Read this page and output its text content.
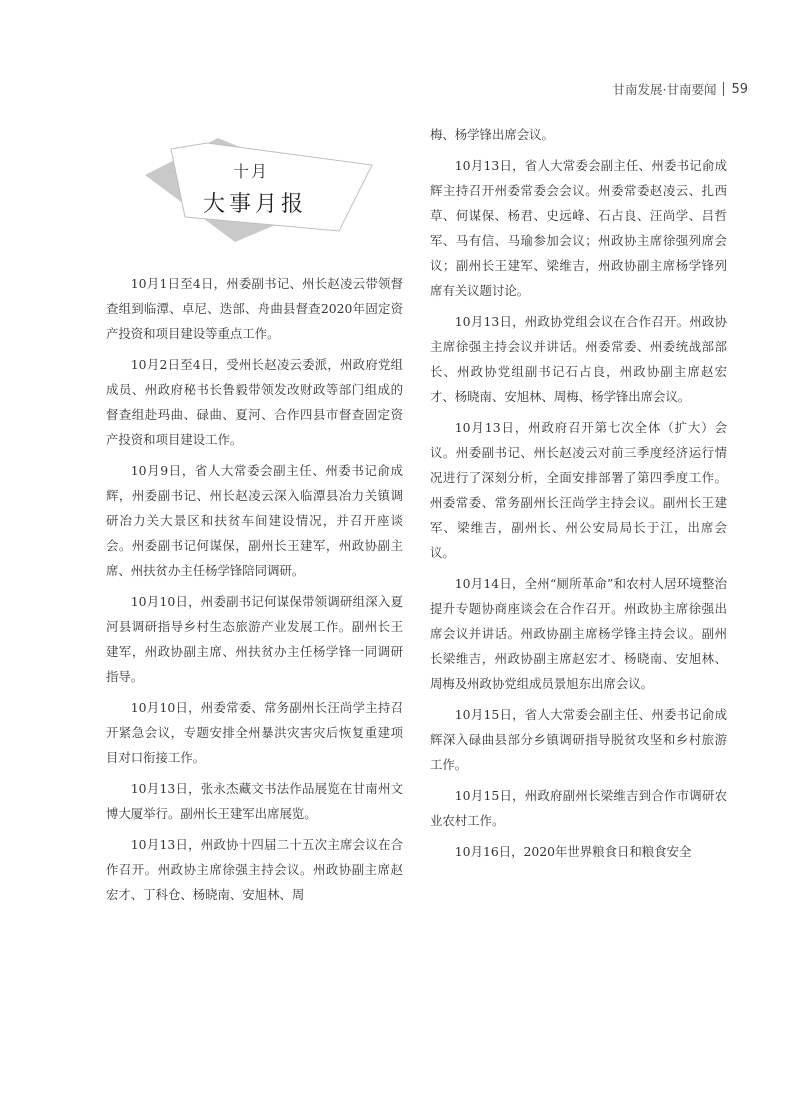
甘南发展·甘南要闻 59
十月
大事月报

10月1日至4日，州委副书记、州长赵凌云带领督查组到临潭、卓尼、迭部、舟曲县督查2020年固定资产投资和项目建设等重点工作。

10月2日至4日，受州长赵凌云委派，州政府党组成员、州政府秘书长鲁毅带领发改财政等部门组成的督查组赴玛曲、碌曲、夏河、合作四县市督查固定资产投资和项目建设工作。

10月9日，省人大常委会副主任、州委书记俞成辉，州委副书记、州长赵凌云深入临潭县冶力关镇调研冶力关大景区和扶贫车间建设情况，并召开座谈会。州委副书记何谋保，副州长王建军，州政协副主席、州扶贫办主任杨学锋陪同调研。

10月10日，州委副书记何谋保带领调研组深入夏河县调研指导乡村生态旅游产业发展工作。副州长王建军，州政协副主席、州扶贫办主任杨学锋一同调研指导。

10月10日，州委常委、常务副州长汪尚学主持召开紧急会议，专题安排全州暴洪灾害灾后恢复重建项目对口衔接工作。

10月13日，张永杰藏文书法作品展览在甘南州文博大厦举行。副州长王建军出席展览。

10月13日，州政协十四届二十五次主席会议在合作召开。州政协主席徐强主持会议。州政协副主席赵宏才、丁科仓、杨晓南、安旭林、周

梅、杨学锋出席会议。

10月13日，省人大常委会副主任、州委书记俞成辉主持召开州委常委会会议。州委常委赵凌云、扎西草、何谋保、杨君、史远峰、石占良、汪尚学、吕哲军、马有信、马瑜参加会议；州政协主席徐强列席会议；副州长王建军、梁维吉，州政协副主席杨学锋列席有关议题讨论。

10月13日，州政协党组会议在合作召开。州政协主席徐强主持会议并讲话。州委常委、州委统战部部长、州政协党组副书记石占良，州政协副主席赵宏才、杨晓南、安旭林、周梅、杨学锋出席会议。

10月13日，州政府召开第七次全体（扩大）会议。州委副书记、州长赵凌云对前三季度经济运行情况进行了深刻分析，全面安排部署了第四季度工作。州委常委、常务副州长汪尚学主持会议。副州长王建军、梁维吉，副州长、州公安局局长于江，出席会议。

10月14日，全州“厕所革命”和农村人居环境整治提升专题协商座谈会在合作召开。州政协主席徐强出席会议并讲话。州政协副主席杨学锋主持会议。副州长梁维吉，州政协副主席赵宏才、杨晓南、安旭林、周梅及州政协党组成员景旭东出席会议。

10月15日，省人大常委会副主任、州委书记俞成辉深入碌曲县部分乡镇调研指导脱贫攻坚和乡村旅游工作。

10月15日，州政府副州长梁维吉到合作市调研农业农村工作。

10月16日，2020年世界粮食日和粮食安全
